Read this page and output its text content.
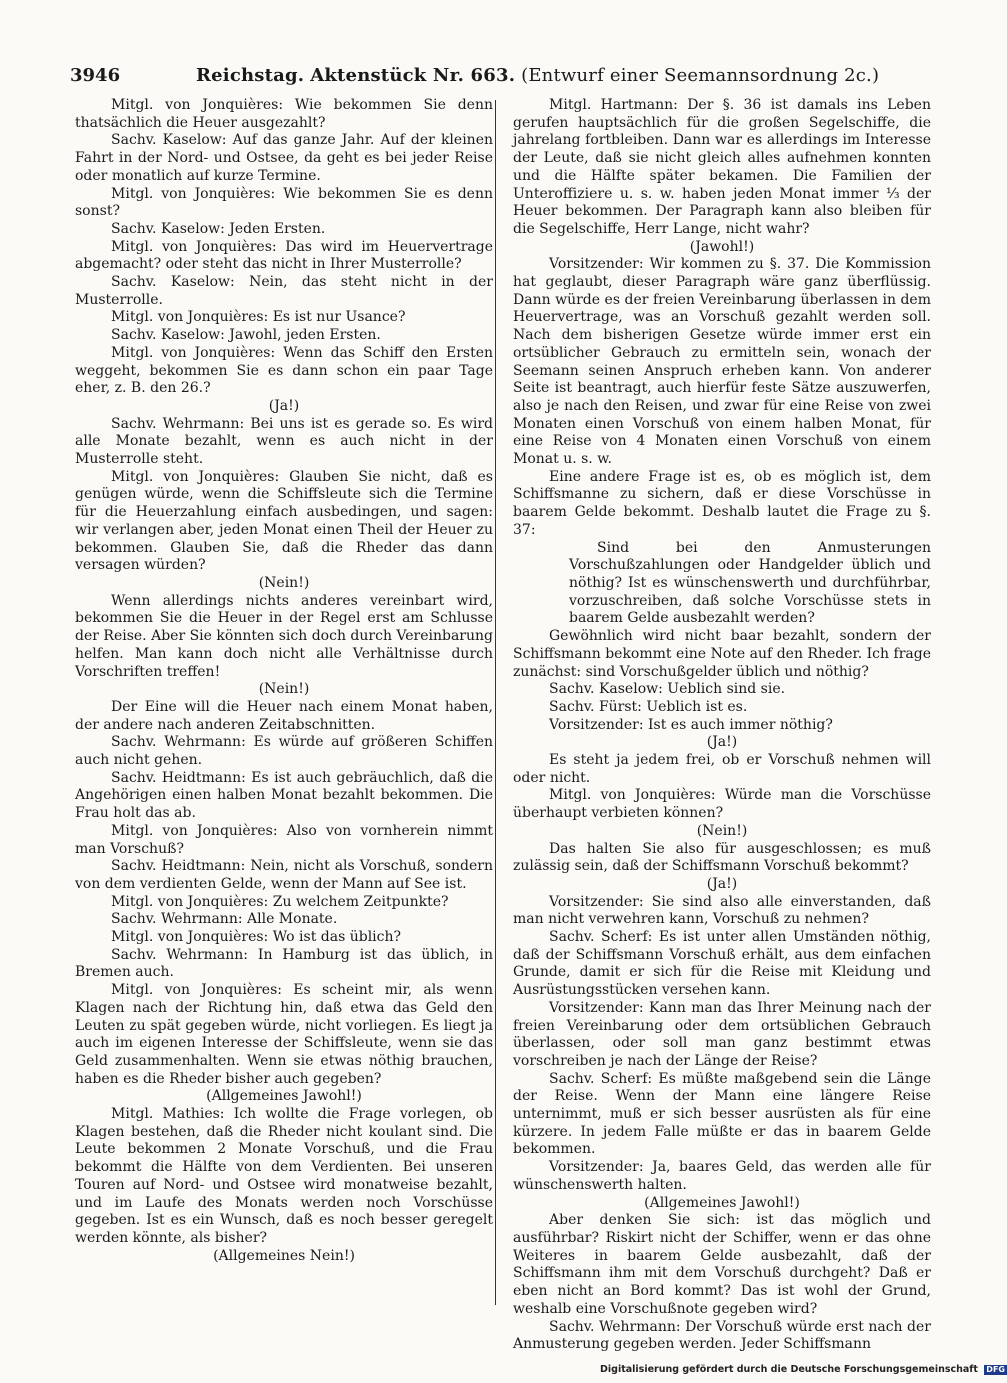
3946	Reichstag. Aktenstück Nr. 663. (Entwurf einer Seemannsordnung 2c.)

Mitgl. von Jonquières: Wie bekommen Sie denn thatsächlich die Heuer ausgezahlt?

Sachv. Kaselow: Auf das ganze Jahr. Auf der kleinen Fahrt in der Nord- und Ostsee, da geht es bei jeder Reise oder monatlich auf kurze Termine.

Mitgl. von Jonquières: Wie bekommen Sie es denn sonst?

Sachv. Kaselow: Jeden Ersten.

Mitgl. von Jonquières: Das wird im Heuervertrage abgemacht? oder steht das nicht in Ihrer Musterrolle?

Sachv. Kaselow: Nein, das steht nicht in der Musterrolle.

Mitgl. von Jonquières: Es ist nur Usance?

Sachv. Kaselow: Jawohl, jeden Ersten.

Mitgl. von Jonquières: Wenn das Schiff den Ersten weggeht, bekommen Sie es dann schon ein paar Tage eher, z. B. den 26.?

(Ja!)

Sachv. Wehrmann: Bei uns ist es gerade so. Es wird alle Monate bezahlt, wenn es auch nicht in der Musterrolle steht.

Mitgl. von Jonquières: Glauben Sie nicht, daß es genügen würde, wenn die Schiffsleute sich die Termine für die Heuerzahlung einfach ausbedingen, und sagen: wir verlangen aber, jeden Monat einen Theil der Heuer zu bekommen. Glauben Sie, daß die Rheder das dann versagen würden?

(Nein!)

Wenn allerdings nichts anderes vereinbart wird, bekommen Sie die Heuer in der Regel erst am Schlusse der Reise. Aber Sie könnten sich doch durch Vereinbarung helfen. Man kann doch nicht alle Verhältnisse durch Vorschriften treffen!

(Nein!)

Der Eine will die Heuer nach einem Monat haben, der andere nach anderen Zeitabschnitten.

Sachv. Wehrmann: Es würde auf größeren Schiffen auch nicht gehen.

Sachv. Heidtmann: Es ist auch gebräuchlich, daß die Angehörigen einen halben Monat bezahlt bekommen. Die Frau holt das ab.

Mitgl. von Jonquières: Also von vornherein nimmt man Vorschuß?

Sachv. Heidtmann: Nein, nicht als Vorschuß, sondern von dem verdienten Gelde, wenn der Mann auf See ist.

Mitgl. von Jonquières: Zu welchem Zeitpunkte?

Sachv. Wehrmann: Alle Monate.

Mitgl. von Jonquières: Wo ist das üblich?

Sachv. Wehrmann: In Hamburg ist das üblich, in Bremen auch.

Mitgl. von Jonquières: Es scheint mir, als wenn Klagen nach der Richtung hin, daß etwa das Geld den Leuten zu spät gegeben würde, nicht vorliegen. Es liegt ja auch im eigenen Interesse der Schiffsleute, wenn sie das Geld zusammenhalten. Wenn sie etwas nöthig brauchen, haben es die Rheder bisher auch gegeben?

(Allgemeines Jawohl!)

Mitgl. Mathies: Ich wollte die Frage vorlegen, ob Klagen bestehen, daß die Rheder nicht koulant sind. Die Leute bekommen 2 Monate Vorschuß, und die Frau bekommt die Hälfte von dem Verdienten. Bei unseren Touren auf Nord- und Ostsee wird monatweise bezahlt, und im Laufe des Monats werden noch Vorschüsse gegeben. Ist es ein Wunsch, daß es noch besser geregelt werden könnte, als bisher?

(Allgemeines Nein!)

Mitgl. Hartmann: Der §. 36 ist damals ins Leben gerufen hauptsächlich für die großen Segelschiffe, die jahrelang fortbleiben. Dann war es allerdings im Interesse der Leute, daß sie nicht gleich alles aufnehmen konnten und die Hälfte später bekamen. Die Familien der Unteroffiziere u. s. w. haben jeden Monat immer ⅓ der Heuer bekommen. Der Paragraph kann also bleiben für die Segelschiffe, Herr Lange, nicht wahr?

(Jawohl!)

Vorsitzender: Wir kommen zu §. 37. Die Kommission hat geglaubt, dieser Paragraph wäre ganz überflüssig. Dann würde es der freien Vereinbarung überlassen in dem Heuervertrage, was an Vorschuß gezahlt werden soll. Nach dem bisherigen Gesetze würde immer erst ein ortsüblicher Gebrauch zu ermitteln sein, wonach der Seemann seinen Anspruch erheben kann. Von anderer Seite ist beantragt, auch hierfür feste Sätze auszuwerfen, also je nach den Reisen, und zwar für eine Reise von zwei Monaten einen Vorschuß von einem halben Monat, für eine Reise von 4 Monaten einen Vorschuß von einem Monat u. s. w.

Eine andere Frage ist es, ob es möglich ist, dem Schiffsmanne zu sichern, daß er diese Vorschüsse in baarem Gelde bekommt. Deshalb lautet die Frage zu §. 37:

Sind bei den Anmusterungen Vorschußzahlungen oder Handgelder üblich und nöthig? Ist es wünschenswerth und durchführbar, vorzuschreiben, daß solche Vorschüsse stets in baarem Gelde ausbezahlt werden?

Gewöhnlich wird nicht baar bezahlt, sondern der Schiffsmann bekommt eine Note auf den Rheder. Ich frage zunächst: sind Vorschußgelder üblich und nöthig?

Sachv. Kaselow: Ueblich sind sie.

Sachv. Fürst: Ueblich ist es.

Vorsitzender: Ist es auch immer nöthig?

(Ja!)

Es steht ja jedem frei, ob er Vorschuß nehmen will oder nicht.

Mitgl. von Jonquières: Würde man die Vorschüsse überhaupt verbieten können?

(Nein!)

Das halten Sie also für ausgeschlossen; es muß zulässig sein, daß der Schiffsmann Vorschuß bekommt?

(Ja!)

Vorsitzender: Sie sind also alle einverstanden, daß man nicht verwehren kann, Vorschuß zu nehmen?

Sachv. Scherf: Es ist unter allen Umständen nöthig, daß der Schiffsmann Vorschuß erhält, aus dem einfachen Grunde, damit er sich für die Reise mit Kleidung und Ausrüstungsstücken versehen kann.

Vorsitzender: Kann man das Ihrer Meinung nach der freien Vereinbarung oder dem ortsüblichen Gebrauch überlassen, oder soll man ganz bestimmt etwas vorschreiben je nach der Länge der Reise?

Sachv. Scherf: Es müßte maßgebend sein die Länge der Reise. Wenn der Mann eine längere Reise unternimmt, muß er sich besser ausrüsten als für eine kürzere. In jedem Falle müßte er das in baarem Gelde bekommen.

Vorsitzender: Ja, baares Geld, das werden alle für wünschenswerth halten.

(Allgemeines Jawohl!)

Aber denken Sie sich: ist das möglich und ausführbar? Riskirt nicht der Schiffer, wenn er das ohne Weiteres in baarem Gelde ausbezahlt, daß der Schiffsmann ihm mit dem Vorschuß durchgeht? Daß er eben nicht an Bord kommt? Das ist wohl der Grund, weshalb eine Vorschußnote gegeben wird?

Sachv. Wehrmann: Der Vorschuß würde erst nach der Anmusterung gegeben werden. Jeder Schiffsmann

Digitalisierung gefördert durch die Deutsche Forschungsgemeinschaft DFG
